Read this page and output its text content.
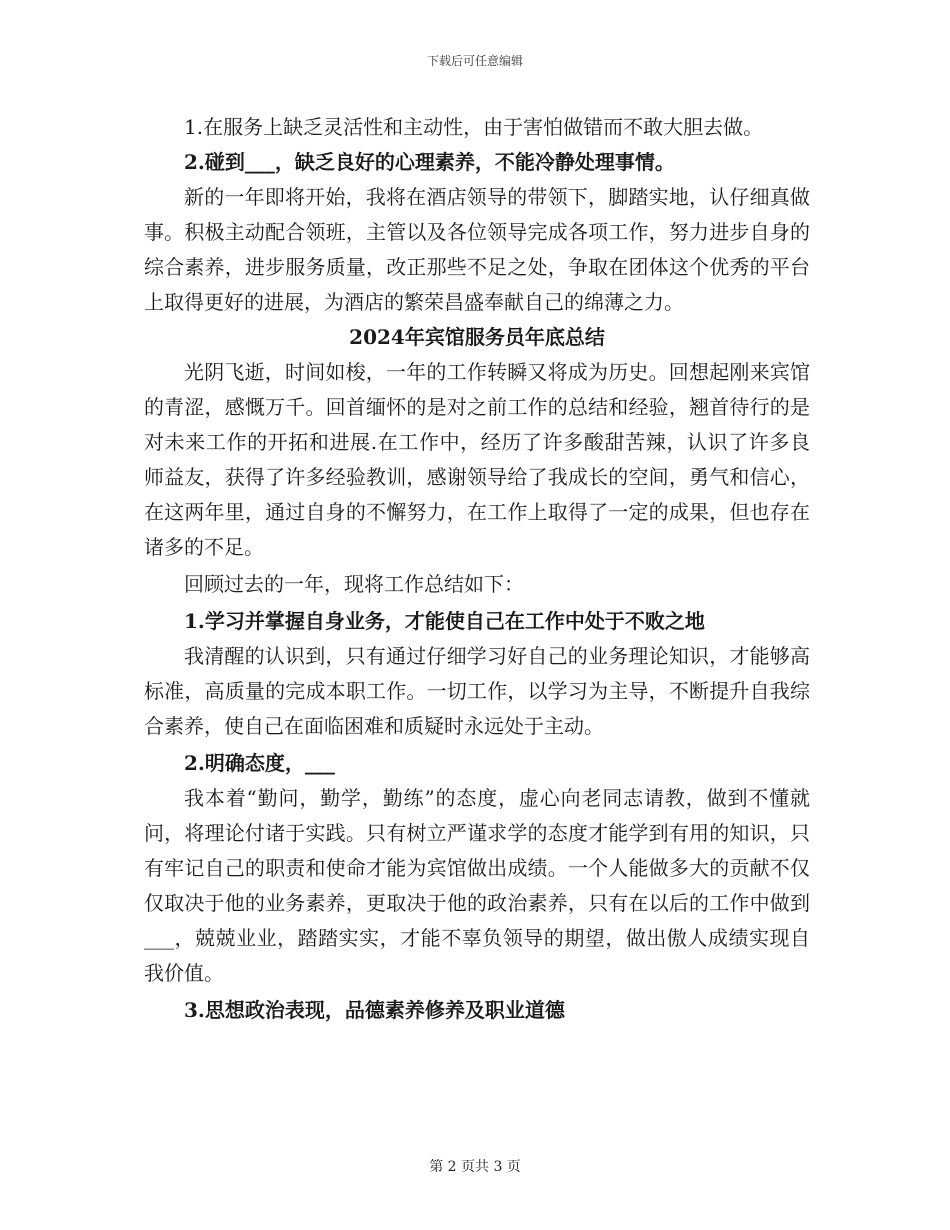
下载后可任意编辑

1.在服务上缺乏灵活性和主动性，由于害怕做错而不敢大胆去做。

2.碰到___，缺乏良好的心理素养，不能冷静处理事情。

新的一年即将开始，我将在酒店领导的带领下，脚踏实地，认仔细真做事。积极主动配合领班，主管以及各位领导完成各项工作，努力进步自身的综合素养，进步服务质量，改正那些不足之处，争取在团体这个优秀的平台上取得更好的进展，为酒店的繁荣昌盛奉献自己的绵薄之力。

2024年宾馆服务员年底总结

光阴飞逝，时间如梭，一年的工作转瞬又将成为历史。回想起刚来宾馆的青涩，感慨万千。回首缅怀的是对之前工作的总结和经验，翘首待行的是对未来工作的开拓和进展.在工作中，经历了许多酸甜苦辣，认识了许多良师益友，获得了许多经验教训，感谢领导给了我成长的空间，勇气和信心，在这两年里，通过自身的不懈努力，在工作上取得了一定的成果，但也存在诸多的不足。

回顾过去的一年，现将工作总结如下：

1.学习并掌握自身业务，才能使自己在工作中处于不败之地

我清醒的认识到，只有通过仔细学习好自己的业务理论知识，才能够高标准，高质量的完成本职工作。一切工作，以学习为主导，不断提升自我综合素养，使自己在面临困难和质疑时永远处于主动。

2.明确态度，___

我本着“勤问，勤学，勤练”的态度，虚心向老同志请教，做到不懂就问，将理论付诸于实践。只有树立严谨求学的态度才能学到有用的知识，只有牢记自己的职责和使命才能为宾馆做出成绩。一个人能做多大的贡献不仅仅取决于他的业务素养，更取决于他的政治素养，只有在以后的工作中做到___，兢兢业业，踏踏实实，才能不辜负领导的期望，做出傲人成绩实现自我价值。

3.思想政治表现，品德素养修养及职业道德

第 2 页共 3 页
